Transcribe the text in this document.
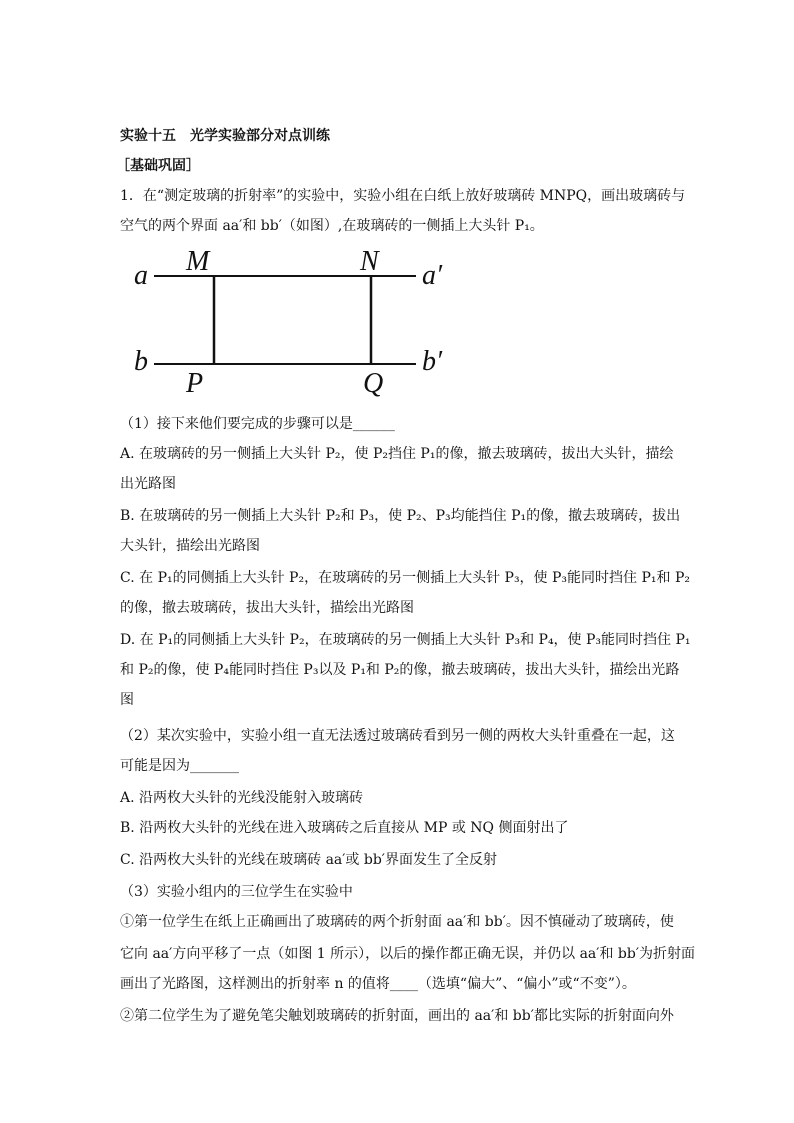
实验十五　光学实验部分对点训练
［基础巩固］
1．在“测定玻璃的折射率”的实验中，实验小组在白纸上放好玻璃砖 MNPQ，画出玻璃砖与
空气的两个界面 aa′和 bb′（如图）,在玻璃砖的一侧插上大头针 P₁。
a M	N a′
b
P	Q
b′
（1）接下来他们要完成的步骤可以是______
A. 在玻璃砖的另一侧插上大头针 P₂，使 P₂挡住 P₁的像，撤去玻璃砖，拔出大头针，描绘
出光路图
B. 在玻璃砖的另一侧插上大头针 P₂和 P₃，使 P₂、P₃均能挡住 P₁的像，撤去玻璃砖，拔出
大头针，描绘出光路图
C. 在 P₁的同侧插上大头针 P₂，在玻璃砖的另一侧插上大头针 P₃，使 P₃能同时挡住 P₁和 P₂
的像，撤去玻璃砖，拔出大头针，描绘出光路图
D. 在 P₁的同侧插上大头针 P₂，在玻璃砖的另一侧插上大头针 P₃和 P₄，使 P₃能同时挡住 P₁
和 P₂的像，使 P₄能同时挡住 P₃以及 P₁和 P₂的像，撤去玻璃砖，拔出大头针，描绘出光路
图
（2）某次实验中，实验小组一直无法透过玻璃砖看到另一侧的两枚大头针重叠在一起，这
可能是因为_______
A. 沿两枚大头针的光线没能射入玻璃砖
B. 沿两枚大头针的光线在进入玻璃砖之后直接从 MP 或 NQ 侧面射出了
C. 沿两枚大头针的光线在玻璃砖 aa′或 bb′界面发生了全反射
（3）实验小组内的三位学生在实验中
①第一位学生在纸上正确画出了玻璃砖的两个折射面 aa′和 bb′。因不慎碰动了玻璃砖，使
它向 aa′方向平移了一点（如图 1 所示），以后的操作都正确无误，并仍以 aa′和 bb′为折射面
画出了光路图，这样测出的折射率 n 的值将____（选填“偏大”、“偏小”或“不变”）。
②第二位学生为了避免笔尖触划玻璃砖的折射面，画出的 aa′和 bb′都比实际的折射面向外
